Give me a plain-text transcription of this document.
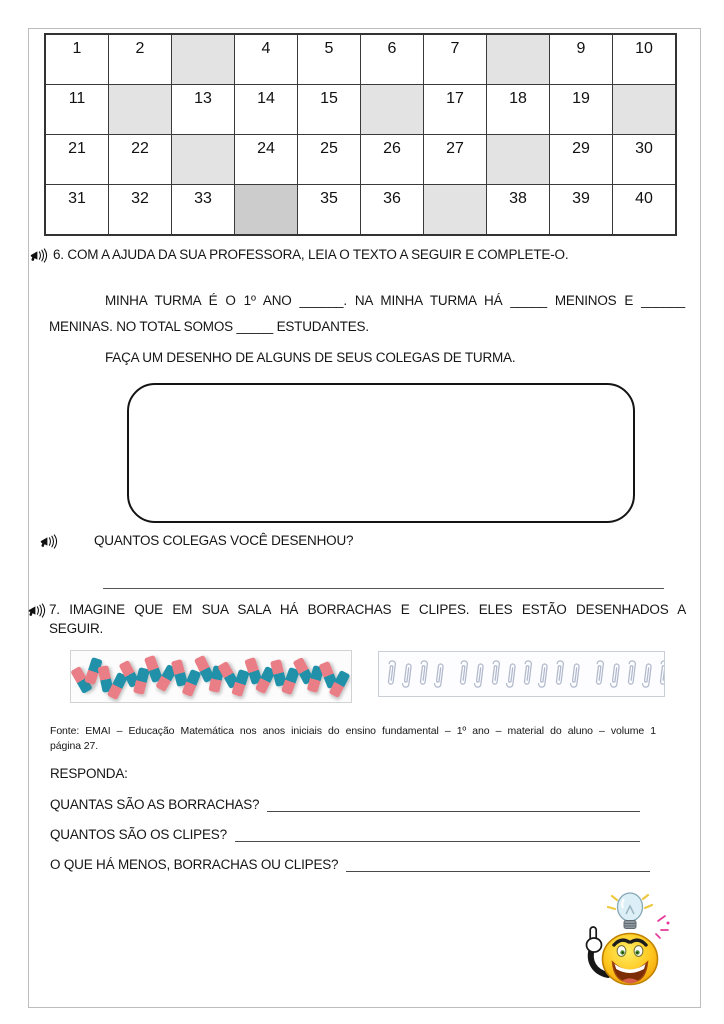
1	2		4	5	6	7		9	10
11		13	14	15		17	18	19	
21	22		24	25	26	27		29	30
31	32	33		35	36		38	39	40
6. COM A AJUDA DA SUA PROFESSORA, LEIA O TEXTO A SEGUIR E COMPLETE-O.
MINHA TURMA É O 1º ANO ______. NA MINHA TURMA HÁ _____ MENINOS E ______
MENINAS. NO TOTAL SOMOS _____ ESTUDANTES.
FAÇA UM DESENHO DE ALGUNS DE SEUS COLEGAS DE TURMA.
QUANTOS COLEGAS VOCÊ DESENHOU?
7. IMAGINE QUE EM SUA SALA HÁ BORRACHAS E CLIPES. ELES ESTÃO DESENHADOS A
SEGUIR.
Fonte: EMAI – Educação Matemática nos anos iniciais do ensino fundamental – 1º ano – material do aluno – volume 1
página 27.
RESPONDA:
QUANTAS SÃO AS BORRACHAS?
QUANTOS SÃO OS CLIPES?
O QUE HÁ MENOS, BORRACHAS OU CLIPES?
